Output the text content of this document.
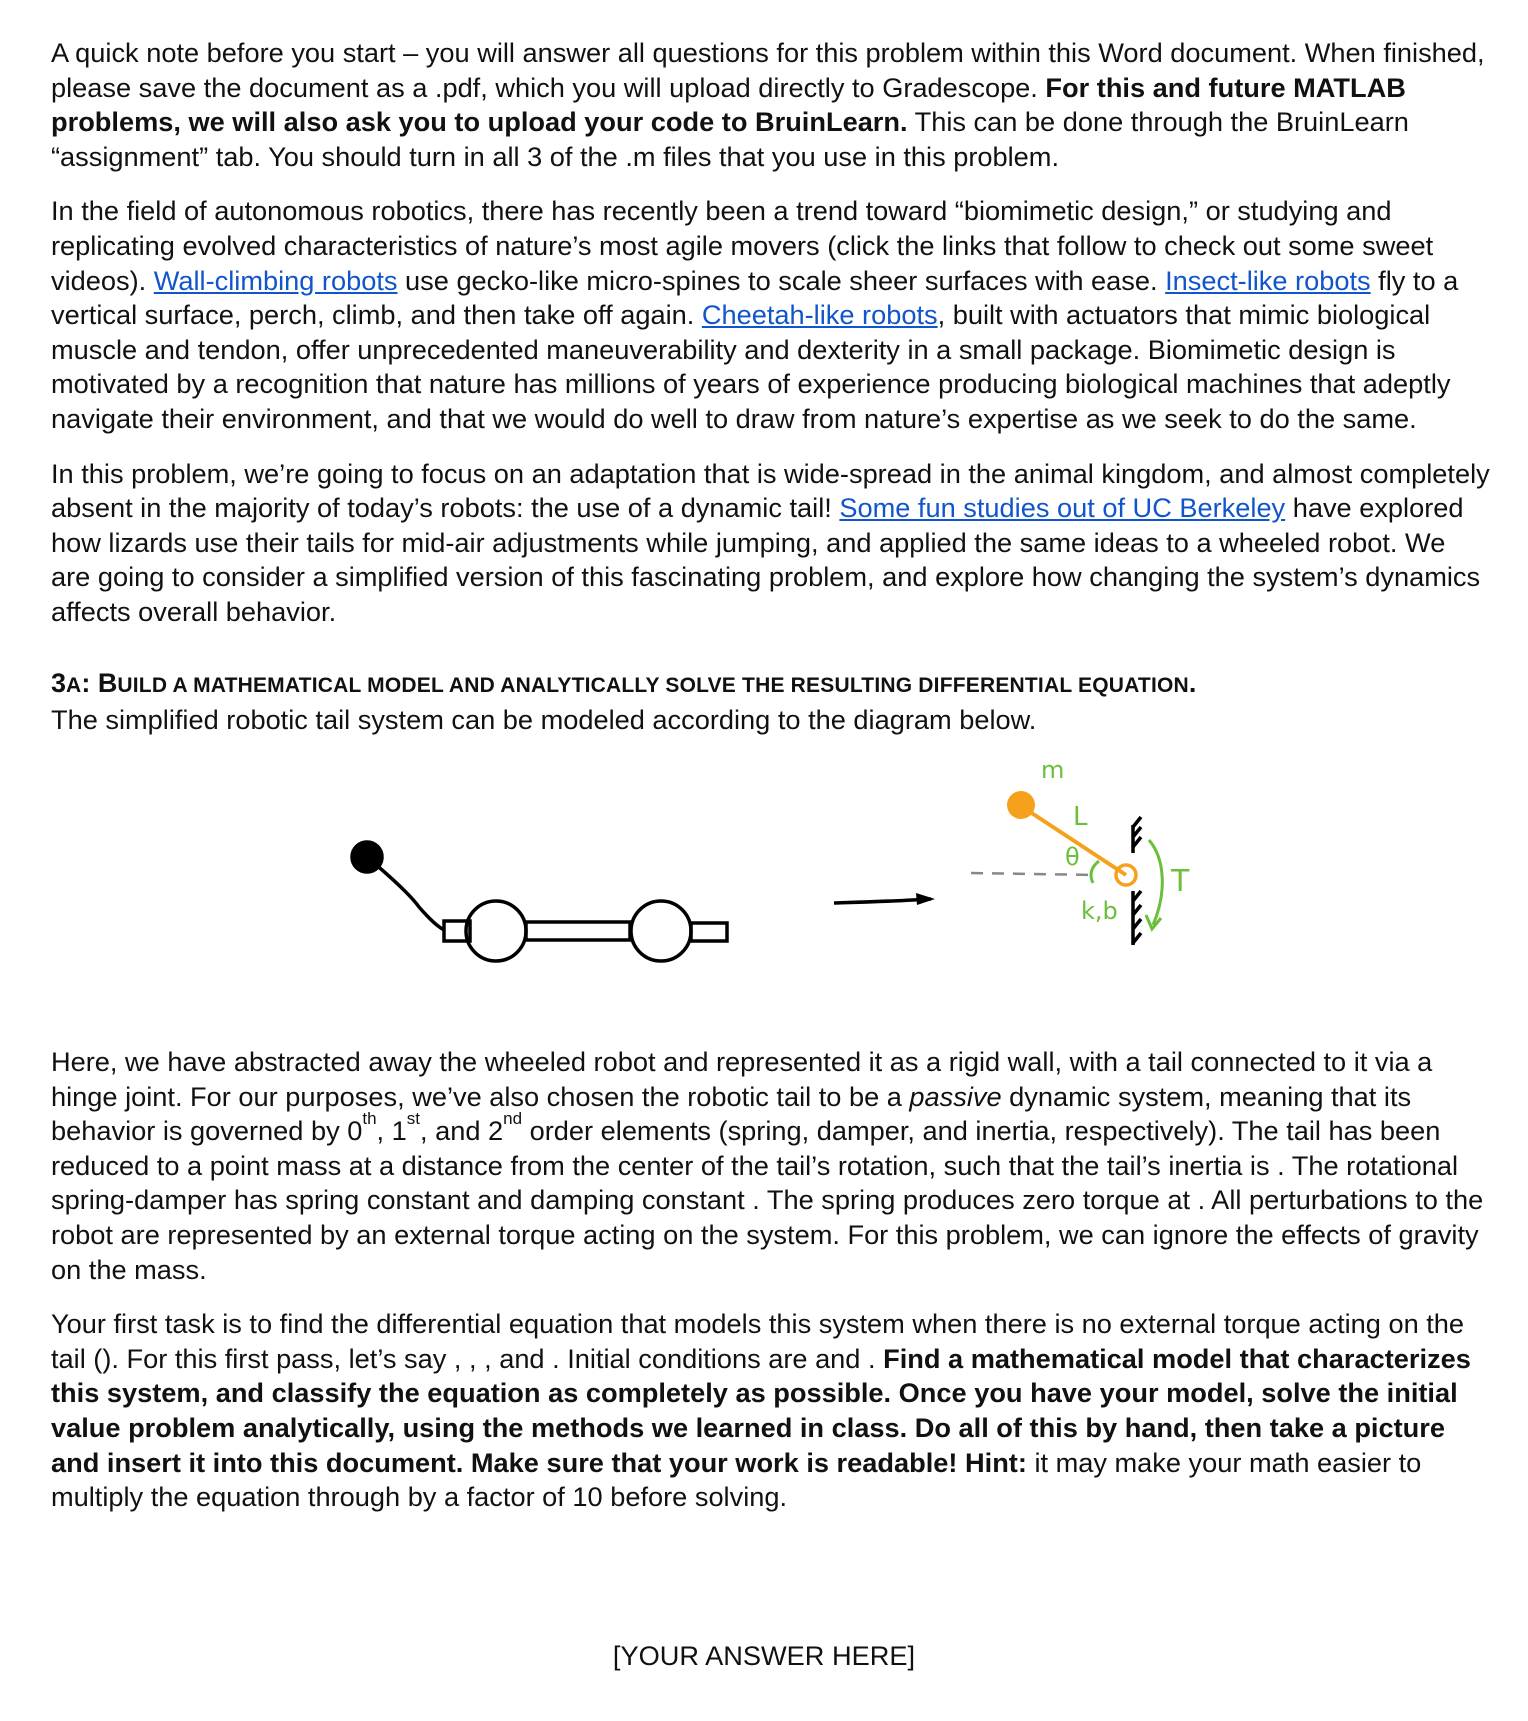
A quick note before you start – you will answer all questions for this problem within this Word document. When finished, please save the document as a .pdf, which you will upload directly to Gradescope. For this and future MATLAB problems, we will also ask you to upload your code to BruinLearn. This can be done through the BruinLearn “assignment” tab. You should turn in all 3 of the .m files that you use in this problem.

In the field of autonomous robotics, there has recently been a trend toward “biomimetic design,” or studying and replicating evolved characteristics of nature’s most agile movers (click the links that follow to check out some sweet videos). Wall-climbing robots use gecko-like micro-spines to scale sheer surfaces with ease. Insect-like robots fly to a vertical surface, perch, climb, and then take off again. Cheetah-like robots, built with actuators that mimic biological muscle and tendon, offer unprecedented maneuverability and dexterity in a small package. Biomimetic design is motivated by a recognition that nature has millions of years of experience producing biological machines that adeptly navigate their environment, and that we would do well to draw from nature’s expertise as we seek to do the same.

In this problem, we’re going to focus on an adaptation that is wide-spread in the animal kingdom, and almost completely absent in the majority of today’s robots: the use of a dynamic tail! Some fun studies out of UC Berkeley have explored how lizards use their tails for mid-air adjustments while jumping, and applied the same ideas to a wheeled robot. We are going to consider a simplified version of this fascinating problem, and explore how changing the system’s dynamics affects overall behavior.

3A: BUILD A MATHEMATICAL MODEL AND ANALYTICALLY SOLVE THE RESULTING DIFFERENTIAL EQUATION.

The simplified robotic tail system can be modeled according to the diagram below.

m
L
θ
k,b
T

Here, we have abstracted away the wheeled robot and represented it as a rigid wall, with a tail connected to it via a hinge joint. For our purposes, we’ve also chosen the robotic tail to be a passive dynamic system, meaning that its behavior is governed by 0th, 1st, and 2nd order elements (spring, damper, and inertia, respectively). The tail has been reduced to a point mass at a distance from the center of the tail’s rotation, such that the tail’s inertia is . The rotational spring-damper has spring constant and damping constant . The spring produces zero torque at . All perturbations to the robot are represented by an external torque acting on the system. For this problem, we can ignore the effects of gravity on the mass.

Your first task is to find the differential equation that models this system when there is no external torque acting on the tail (). For this first pass, let’s say , , , and . Initial conditions are and . Find a mathematical model that characterizes this system, and classify the equation as completely as possible. Once you have your model, solve the initial value problem analytically, using the methods we learned in class. Do all of this by hand, then take a picture and insert it into this document. Make sure that your work is readable! Hint: it may make your math easier to multiply the equation through by a factor of 10 before solving.

[YOUR ANSWER HERE]
